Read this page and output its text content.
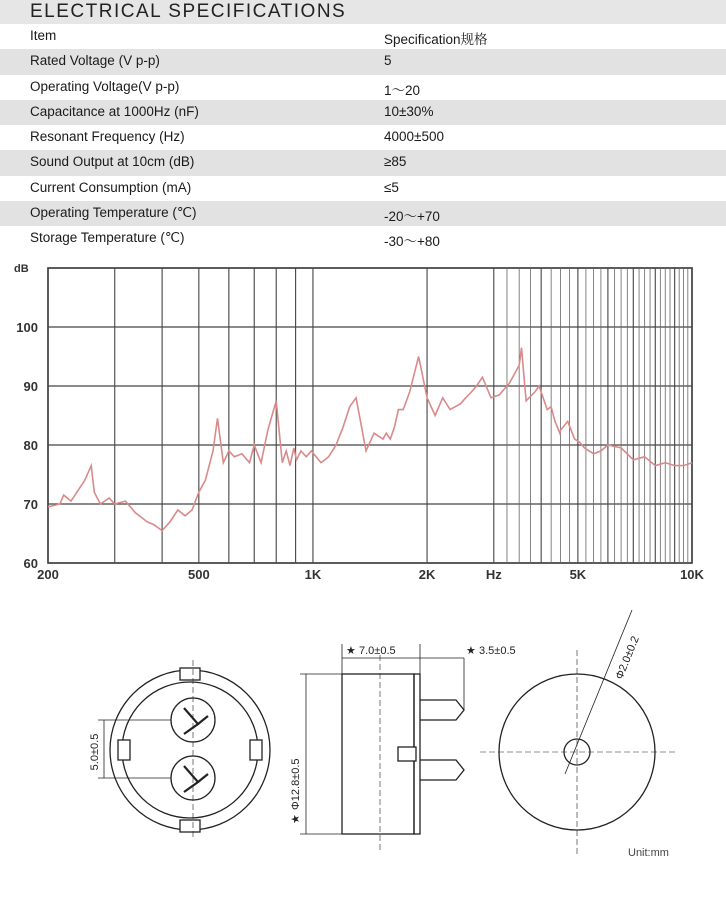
ELECTRICAL SPECIFICATIONS
Item	Specification规格
Rated Voltage (V p-p)	5
Operating Voltage(V p-p)	1～20
Capacitance at 1000Hz (nF)	10±30%
Resonant Frequency (Hz)	4000±500
Sound Output at 10cm (dB)	≥85
Current Consumption (mA)	≤5
Operating Temperature (℃)	-20～+70
Storage Temperature (℃)	-30～+80
60
70
80
90
100
200	500	1K	2K	Hz	5K	10K
dB
5.0±0.5
★ 7.0±0.5	★ 3.5±0.5
★
Φ12.8±0.5
Φ2.0±0.2
Unit:mm
